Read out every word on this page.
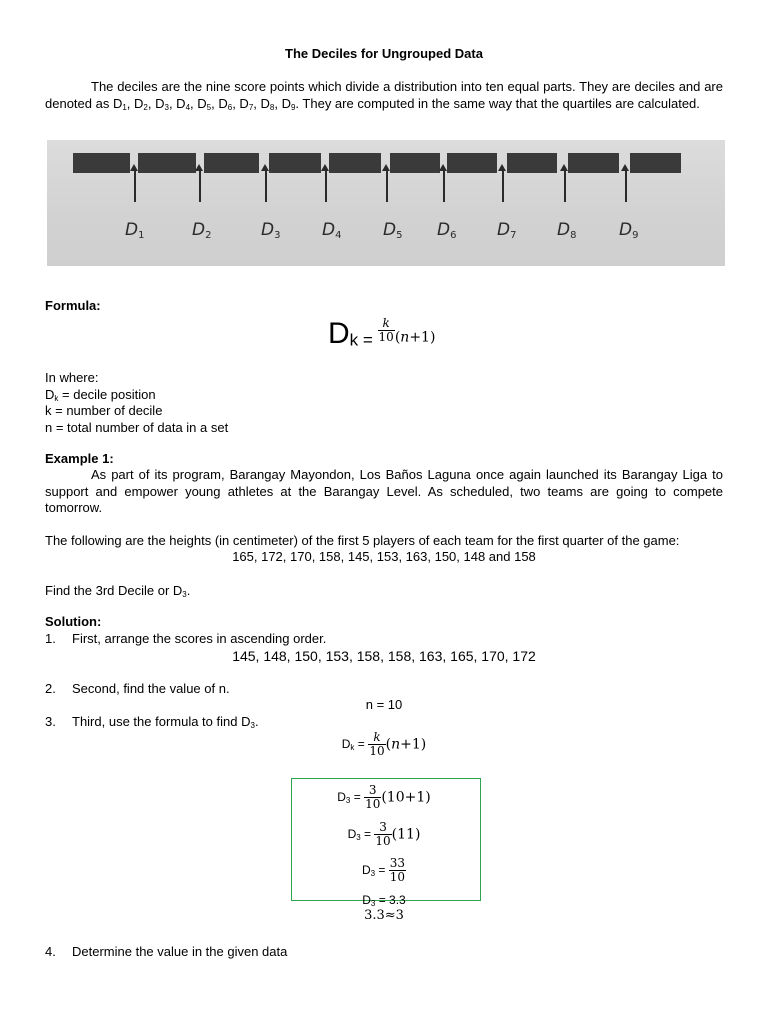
The Deciles for Ungrouped Data
The deciles are the nine score points which divide a distribution into ten equal parts. They are deciles and are denoted as $D_1$, $D_2$, $D_3$, $D_4$, $D_5$, $D_6$, $D_7$, $D_8$, $D_9$. They are computed in the same way that the quartiles are calculated.
D1	D2	D3 D4 D5 D6 D7 D8	D9
Formula:
$Dk = \frac{k}{10} (n+1)$
In where:
$D_k$ = decile position
k = number of decile
n = total number of data in a set
Example 1:
As part of its program, Barangay Mayondon, Los Baños Laguna once again launched its Barangay Liga to support and empower young athletes at the Barangay Level. As scheduled, two teams are going to compete tomorrow.
The following are the heights (in centimeter) of the first 5 players of each team for the first quarter of the game:
165, 172, 170, 158, 145, 153, 163, 150, 148 and 158
Find the 3rd Decile or $D_3$.
Solution:
1. First, arrange the scores in ascending order.
145, 148, 150, 153, 158, 158, 163, 165, 170, 172
2. Second, find the value of n.
n = 10
3. Third, use the formula to find $D_3$.
$D_k = \frac{k}{10} (n+1)$
$D_3 = \frac{3}{10} (10+1)$
$D_3 = \frac{3}{10} (11)$
$D_3 = \frac{33}{10}$
$D_3 = 3.3$
3.3≈3
4. Determine the value in the given data
